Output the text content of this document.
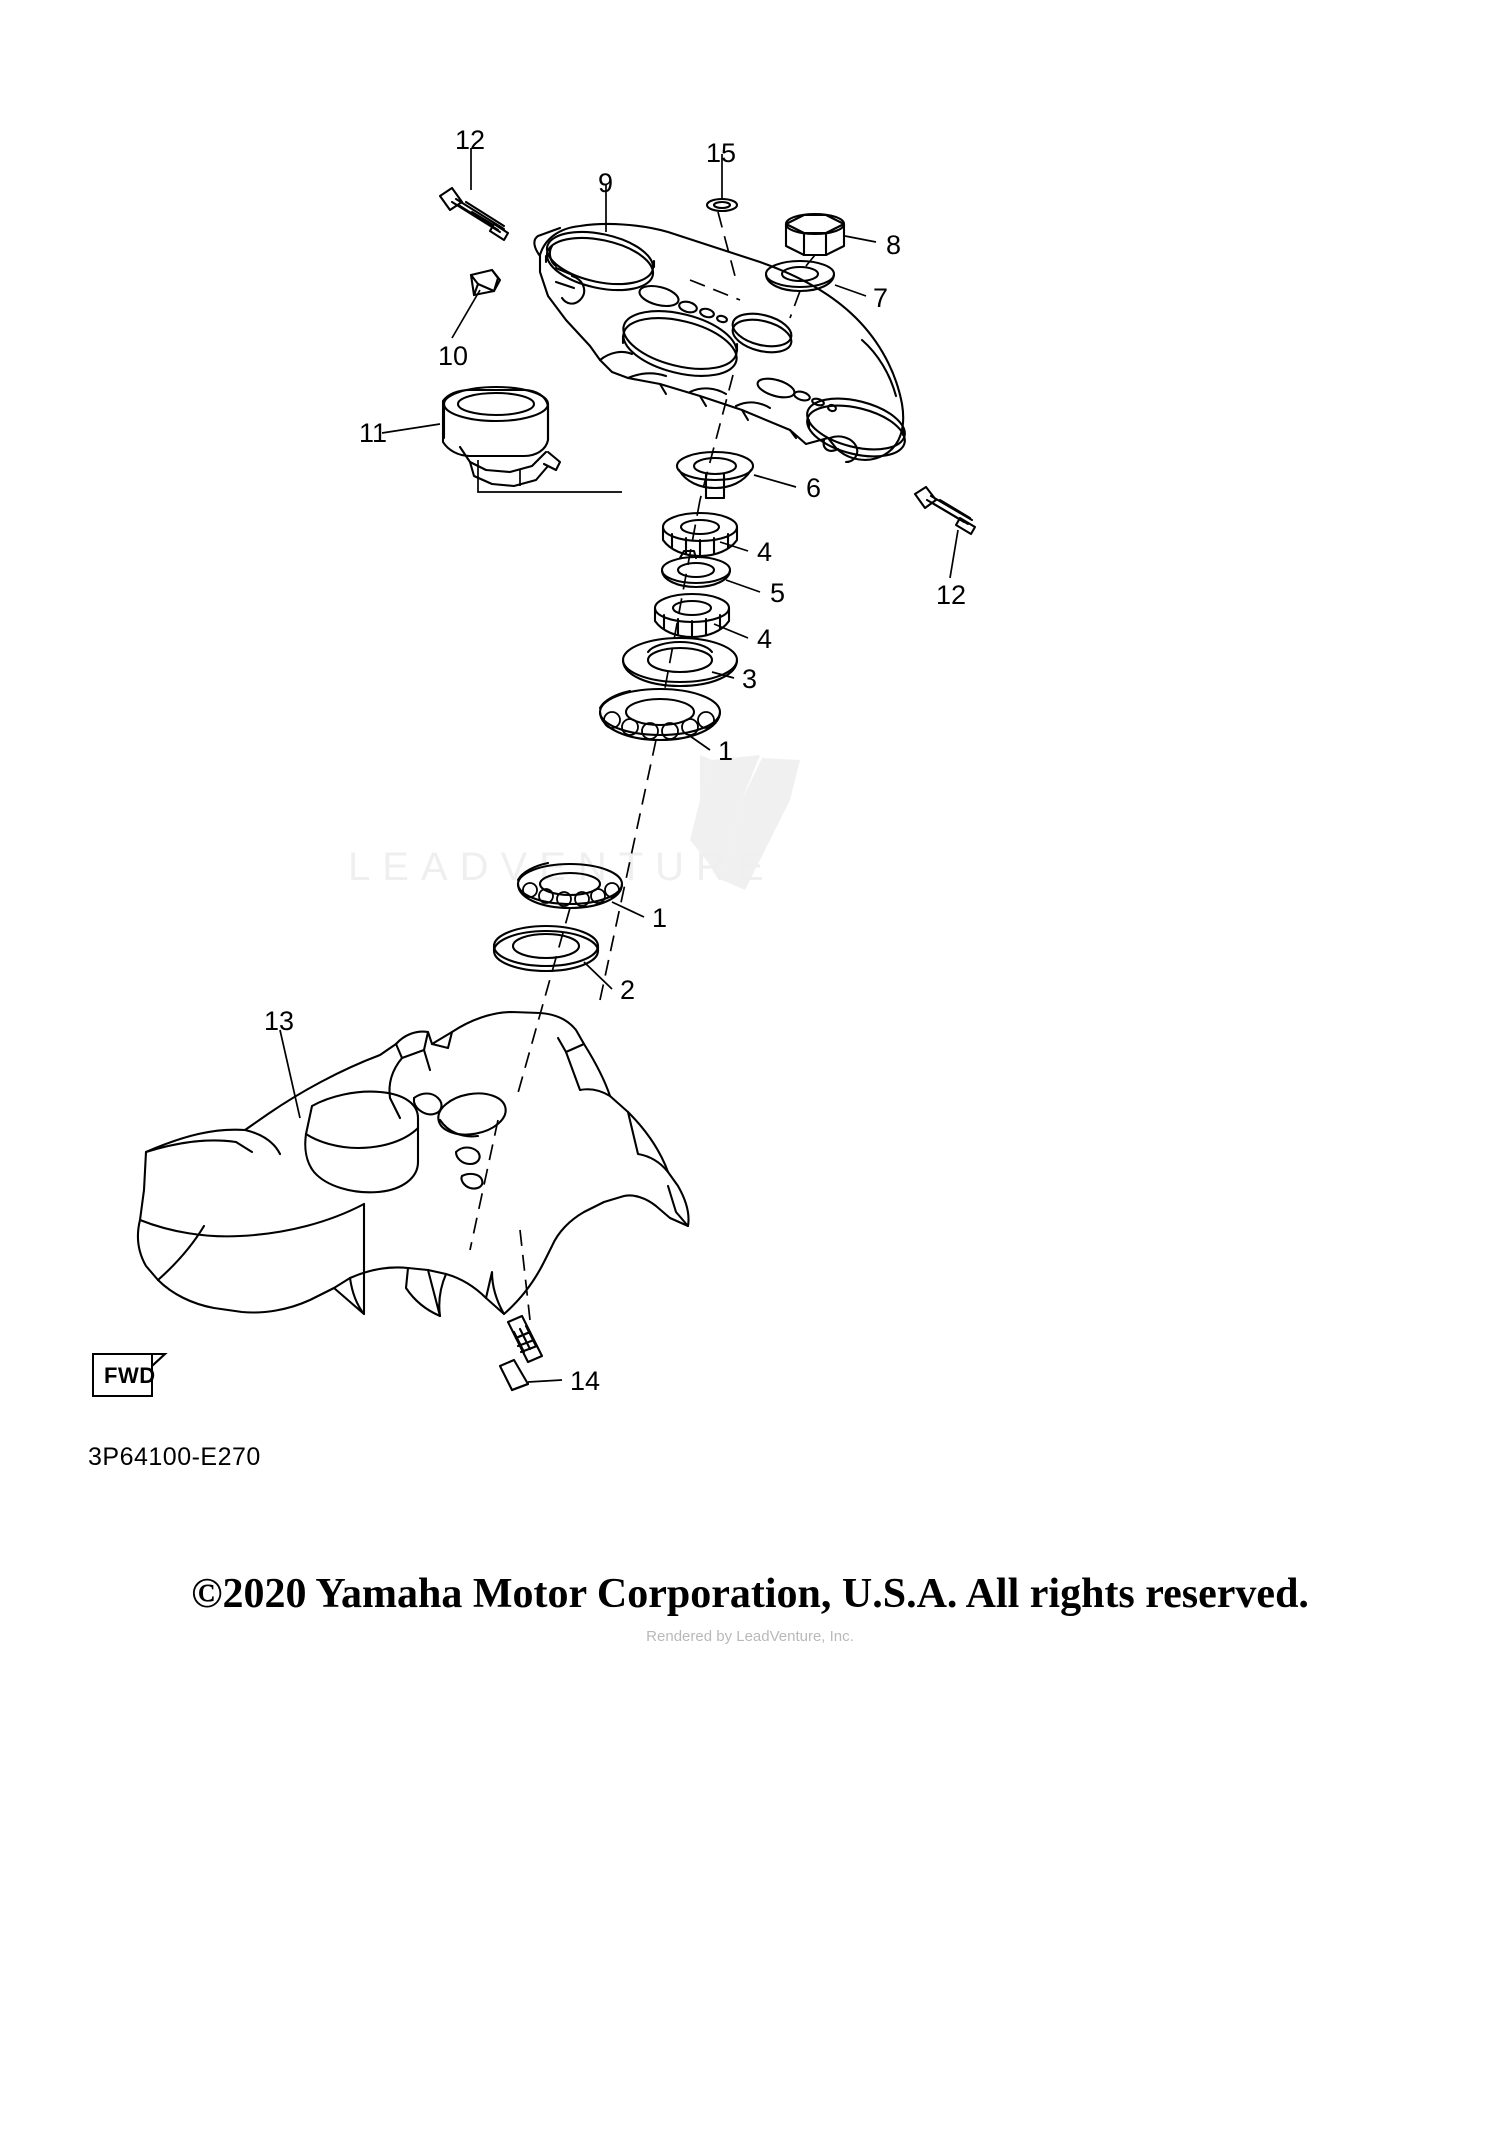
LEADVENTURE
FWD
3P64100-E270
12
9
15
8
7
10
11
6
12
4
5
4
3
1
1
2
13
14
©2020 Yamaha Motor Corporation, U.S.A. All rights reserved.
Rendered by LeadVenture, Inc.
